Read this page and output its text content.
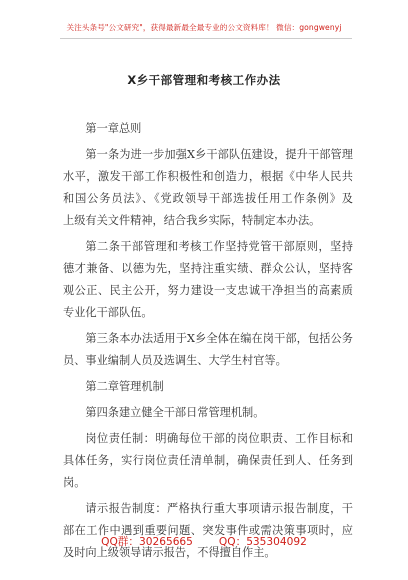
关注头条号"公文研究"，获得最新最全最专业的公文资料库！ 微信：gongwenyj
X乡干部管理和考核工作办法
第一章总则
第一条为进一步加强X乡干部队伍建设，提升干部管理
水平，激发干部工作积极性和创造力，根据《中华人民共
和国公务员法》、《党政领导干部选拔任用工作条例》及
上级有关文件精神，结合我乡实际，特制定本办法。
第二条干部管理和考核工作坚持党管干部原则，坚持
德才兼备、以德为先，坚持注重实绩、群众公认，坚持客
观公正、民主公开，努力建设一支忠诚干净担当的高素质
专业化干部队伍。
第三条本办法适用于X乡全体在编在岗干部，包括公务
员、事业编制人员及选调生、大学生村官等。
第二章管理机制
第四条建立健全干部日常管理机制。
岗位责任制：明确每位干部的岗位职责、工作目标和
具体任务，实行岗位责任清单制，确保责任到人、任务到
岗。
请示报告制度：严格执行重大事项请示报告制度，干
部在工作中遇到重要问题、突发事件或需决策事项时，应
及时向上级领导请示报告，不得擅自作主。
QQ群：30265665 QQ：535304092
